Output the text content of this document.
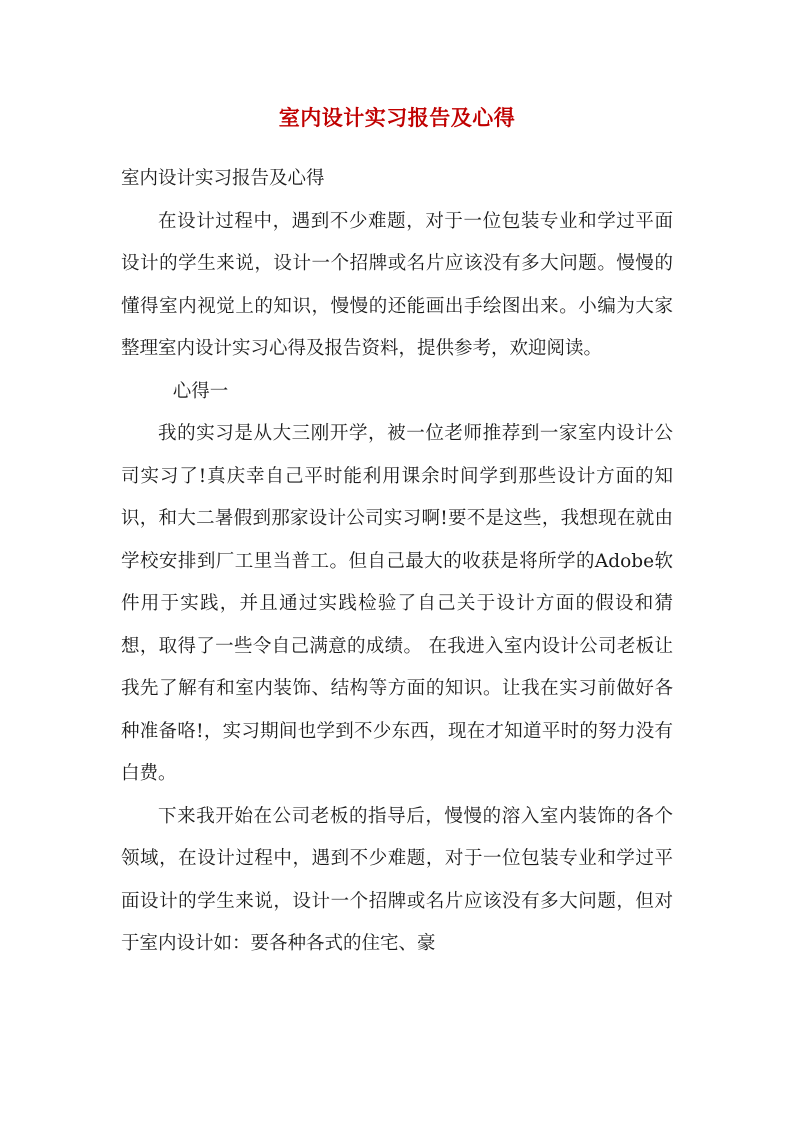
室内设计实习报告及心得

室内设计实习报告及心得

在设计过程中，遇到不少难题，对于一位包装专业和学过平面设计的学生来说，设计一个招牌或名片应该没有多大问题。慢慢的懂得室内视觉上的知识，慢慢的还能画出手绘图出来。小编为大家整理室内设计实习心得及报告资料，提供参考，欢迎阅读。

心得一

我的实习是从大三刚开学，被一位老师推荐到一家室内设计公司实习了!真庆幸自己平时能利用课余时间学到那些设计方面的知识，和大二暑假到那家设计公司实习啊!要不是这些，我想现在就由学校安排到厂工里当普工。但自己最大的收获是将所学的Adobe软件用于实践，并且通过实践检验了自己关于设计方面的假设和猜想，取得了一些令自己满意的成绩。 在我进入室内设计公司老板让我先了解有和室内装饰、结构等方面的知识。让我在实习前做好各种准备咯!，实习期间也学到不少东西，现在才知道平时的努力没有白费。

下来我开始在公司老板的指导后，慢慢的溶入室内装饰的各个领域，在设计过程中，遇到不少难题，对于一位包装专业和学过平面设计的学生来说，设计一个招牌或名片应该没有多大问题，但对于室内设计如：要各种各式的住宅、豪
